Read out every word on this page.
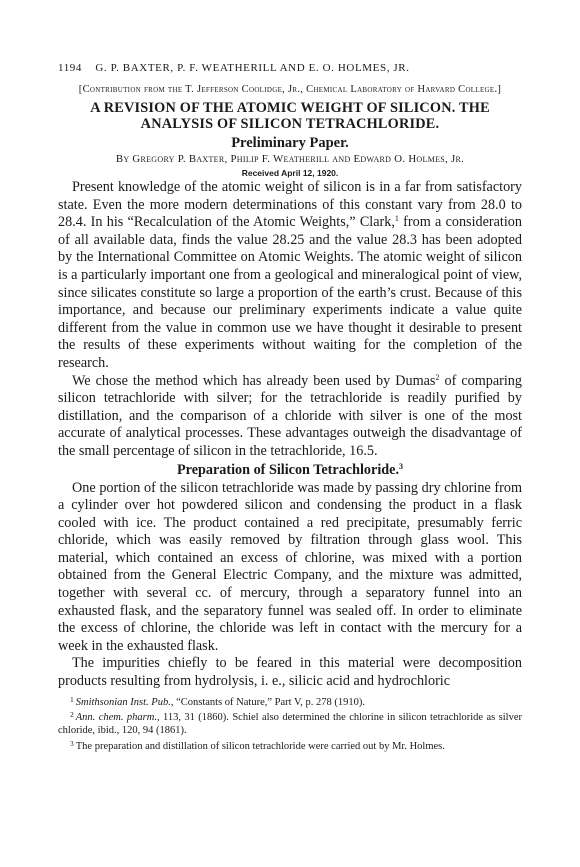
1194 G. P. BAXTER, P. F. WEATHERILL AND E. O. HOLMES, JR.
[Contribution from the T. Jefferson Coolidge, Jr., Chemical Laboratory of Harvard College.]
A REVISION OF THE ATOMIC WEIGHT OF SILICON. THE ANALYSIS OF SILICON TETRACHLORIDE.
Preliminary Paper.
By Gregory P. Baxter, Philip F. Weatherill and Edward O. Holmes, Jr.
Received April 12, 1920.

Present knowledge of the atomic weight of silicon is in a far from satisfactory state. Even the more modern determinations of this constant vary from 28.0 to 28.4. In his “Recalculation of the Atomic Weights,” Clark,$^1$ from a consideration of all available data, finds the value 28.25 and the value 28.3 has been adopted by the International Committee on Atomic Weights. The atomic weight of silicon is a particularly important one from a geological and mineralogical point of view, since silicates constitute so large a proportion of the earth’s crust. Because of this importance, and because our preliminary experiments indicate a value quite different from the value in common use we have thought it desirable to present the results of these experiments without waiting for the completion of the research.

We chose the method which has already been used by Dumas$^2$ of comparing silicon tetrachloride with silver; for the tetrachloride is readily purified by distillation, and the comparison of a chloride with silver is one of the most accurate of analytical processes. These advantages outweigh the disadvantage of the small percentage of silicon in the tetrachloride, 16.5.

Preparation of Silicon Tetrachloride.$^3$

One portion of the silicon tetrachloride was made by passing dry chlorine from a cylinder over hot powdered silicon and condensing the product in a flask cooled with ice. The product contained a red precipitate, presumably ferric chloride, which was easily removed by filtration through glass wool. This material, which contained an excess of chlorine, was mixed with a portion obtained from the General Electric Company, and the mixture was admitted, together with several cc. of mercury, through a separatory funnel into an exhausted flask, and the separatory funnel was sealed off. In order to eliminate the excess of chlorine, the chloride was left in contact with the mercury for a week in the exhausted flask.

The impurities chiefly to be feared in this material were decomposition products resulting from hydrolysis, i. e., silicic acid and hydrochloric

$^1$ Smithsonian Inst. Pub., “Constants of Nature,” Part V, p. 278 (1910).
$^2$ Ann. chem. pharm., 113, 31 (1860). Schiel also determined the chlorine in silicon tetrachloride as silver chloride, ibid., 120, 94 (1861).
$^3$ The preparation and distillation of silicon tetrachloride were carried out by Mr. Holmes.
